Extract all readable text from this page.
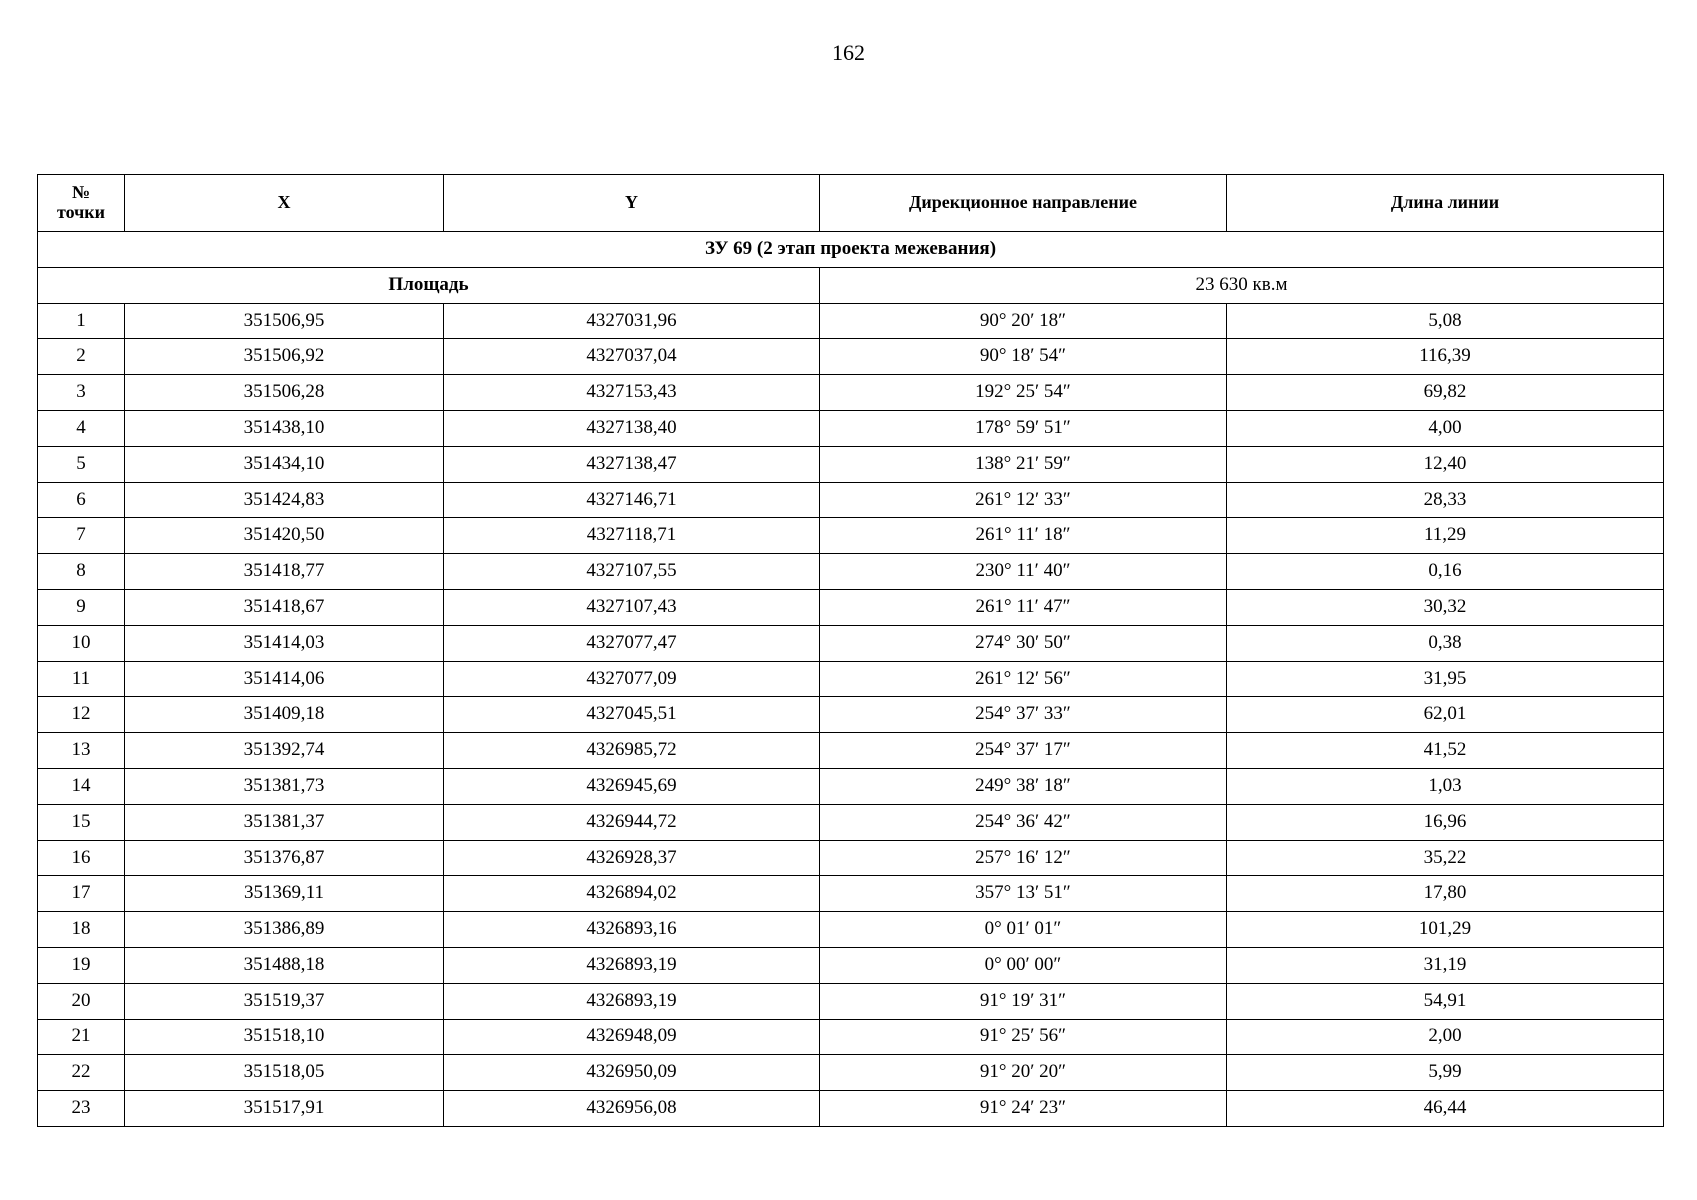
162
№
точки	X	Y	Дирекционное направление	Длина линии
ЗУ 69 (2 этап проекта межевания)				
Площадь			23 630 кв.м	
1	351506,95	4327031,96	90° 20′ 18″	5,08
2	351506,92	4327037,04	90° 18′ 54″	116,39
3	351506,28	4327153,43	192° 25′ 54″	69,82
4	351438,10	4327138,40	178° 59′ 51″	4,00
5	351434,10	4327138,47	138° 21′ 59″	12,40
6	351424,83	4327146,71	261° 12′ 33″	28,33
7	351420,50	4327118,71	261° 11′ 18″	11,29
8	351418,77	4327107,55	230° 11′ 40″	0,16
9	351418,67	4327107,43	261° 11′ 47″	30,32
10	351414,03	4327077,47	274° 30′ 50″	0,38
11	351414,06	4327077,09	261° 12′ 56″	31,95
12	351409,18	4327045,51	254° 37′ 33″	62,01
13	351392,74	4326985,72	254° 37′ 17″	41,52
14	351381,73	4326945,69	249° 38′ 18″	1,03
15	351381,37	4326944,72	254° 36′ 42″	16,96
16	351376,87	4326928,37	257° 16′ 12″	35,22
17	351369,11	4326894,02	357° 13′ 51″	17,80
18	351386,89	4326893,16	0° 01′ 01″	101,29
19	351488,18	4326893,19	0° 00′ 00″	31,19
20	351519,37	4326893,19	91° 19′ 31″	54,91
21	351518,10	4326948,09	91° 25′ 56″	2,00
22	351518,05	4326950,09	91° 20′ 20″	5,99
23	351517,91	4326956,08	91° 24′ 23″	46,44
